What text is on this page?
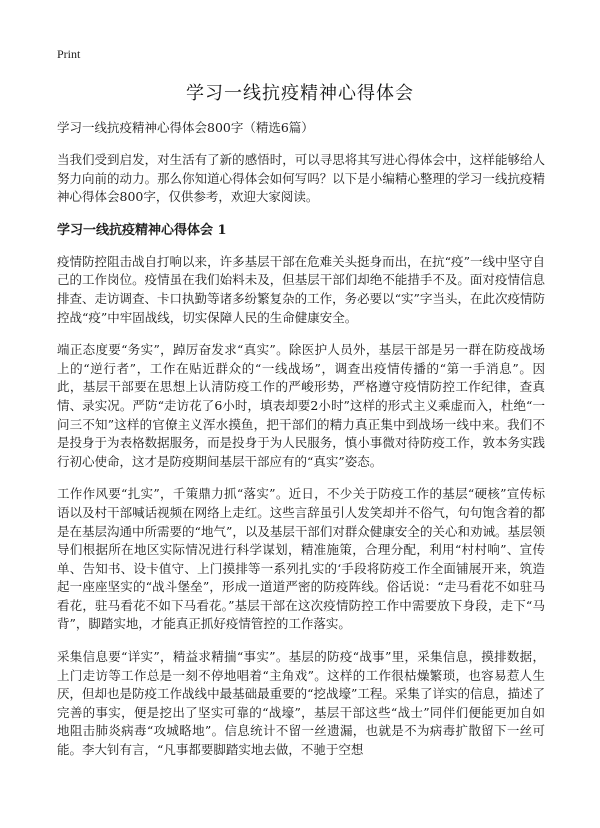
Print
学习一线抗疫精神心得体会
学习一线抗疫精神心得体会800字（精选6篇）

当我们受到启发，对生活有了新的感悟时，可以寻思将其写进心得体会中，这样能够给人努力向前的动力。那么你知道心得体会如何写吗？以下是小编精心整理的学习一线抗疫精神心得体会800字，仅供参考，欢迎大家阅读。

学习一线抗疫精神心得体会 1

疫情防控阻击战自打响以来，许多基层干部在危难关头挺身而出，在抗“疫”一线中坚守自己的工作岗位。疫情虽在我们始料未及，但基层干部们却绝不能措手不及。面对疫情信息排查、走访调查、卡口执勤等诸多纷繁复杂的工作，务必要以“实”字当头，在此次疫情防控战“疫”中牢固战线，切实保障人民的生命健康安全。

端正态度要“务实”，踔厉奋发求“真实”。除医护人员外，基层干部是另一群在防疫战场上的“逆行者”，工作在贴近群众的“一线战场”，调查出疫情传播的“第一手消息”。因此，基层干部要在思想上认清防疫工作的严峻形势，严格遵守疫情防控工作纪律，查真情、录实况。严防“走访花了6小时，填表却要2小时”这样的形式主义乘虚而入，杜绝“一问三不知”这样的官僚主义浑水摸鱼，把干部们的精力真正集中到战场一线中来。我们不是投身于为表格数据服务，而是投身于为人民服务，慎小事微对待防疫工作，敦本务实践行初心使命，这才是防疫期间基层干部应有的“真实”姿态。

工作作风要“扎实”，千策鼎力抓“落实”。近日，不少关于防疫工作的基层“硬核”宣传标语以及村干部喊话视频在网络上走红。这些言辞虽引人发笑却并不俗气，句句饱含着的都是在基层沟通中所需要的“地气”，以及基层干部们对群众健康安全的关心和劝诫。基层领导们根据所在地区实际情况进行科学谋划，精准施策，合理分配，利用“村村响”、宣传单、告知书、设卡值守、上门摸排等一系列扎实的‘手段将防疫工作全面铺展开来，筑造起一座座坚实的“战斗堡垒”，形成一道道严密的防疫阵线。俗话说：“走马看花不如驻马看花，驻马看花不如下马看花。”基层干部在这次疫情防控工作中需要放下身段，走下“马背”，脚踏实地，才能真正抓好疫情管控的工作落实。

采集信息要“详实”，精益求精揣“事实”。基层的防疫“战事”里，采集信息，摸排数据，上门走访等工作总是一刻不停地唱着“主角戏”。这样的工作很枯燥繁琐，也容易惹人生厌，但却也是防疫工作战线中最基础最重要的“挖战壕”工程。采集了详实的信息，描述了完善的事实，便是挖出了坚实可靠的“战壕”，基层干部这些“战士”同伴们便能更加自如地阻击肺炎病毒“攻城略地”。信息统计不留一丝遗漏，也就是不为病毒扩散留下一丝可能。李大钊有言，“凡事都要脚踏实地去做，不驰于空想
